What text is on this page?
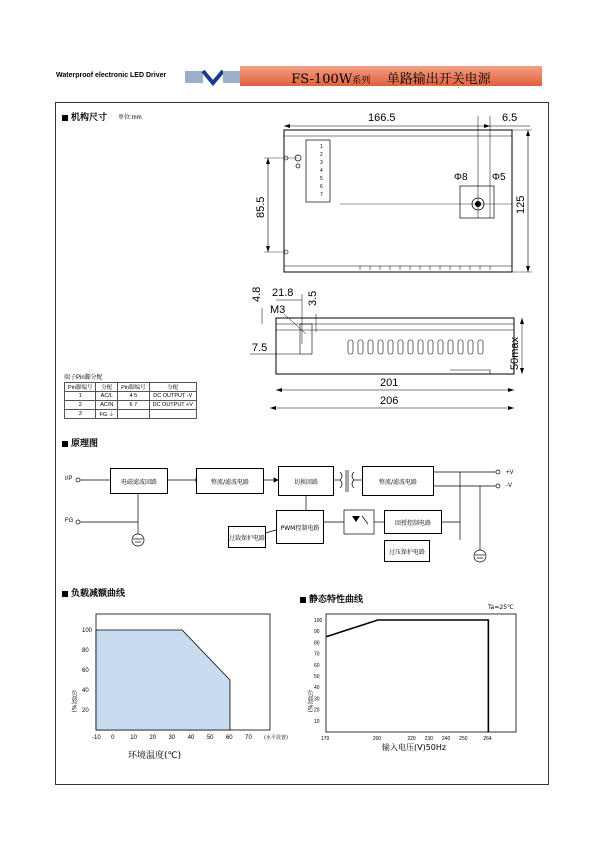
Waterproof electronic LED Driver	FS-100W系列 单路输出开关电源
机构尺寸 单位:mm
1
2
3
4
5
6
7
166.5	6.5
85.5	125
Φ8 Φ5
4.8 21.8 3.5
M3
7.5	50max
201
206
端子Pin脚分配
Pin脚编号	分配	Pin脚编号	分配
1	AC/L	4 5	DC OUTPUT -V
2	AC/N	6 7	DC OUTPUT +V
3	FG ⏚		
原理图
I/P
FG
电磁滤波回路	整流/滤波电路	切换回路	整流/滤波电路
+V
-V
过载保护电路
PWM控制电路
回授控制电路
过压保护电路
负载减额曲线
静态特性曲线
-10 0	10 20 30 40 50 60 70
100
80
60
40
20
负载(%)
环境温度(℃)
(水平放置)	170	200	220 230 240 250	264
100
90
80
70
60
50
40
30
20
10
Ta=25℃
负载(%)
输入电压(V)50Hz
